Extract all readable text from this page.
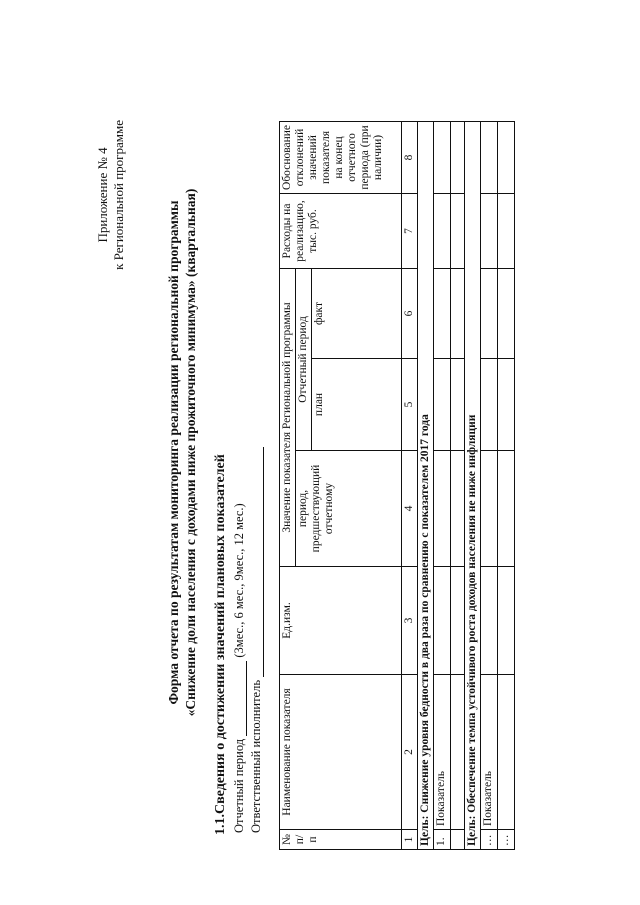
Приложение № 4 к Региональной программе
Форма отчета по результатам мониторинга реализации региональной программы «Снижение доли населения с доходами ниже прожиточного минимума» (квартальная) 1.1.Сведения о достижении значений плановых показателей Отчетный период  (3мес., 6 мес., 9мес., 12 мес.)
Ответственный исполнитель
№ п/п	Наименование показателя	Ед.изм.	Значение показателя Региональной программы			Расходы на реализацию, тыс. руб.	Обоснование отклонений значений показателя на конец отчетного периода (при наличии)
			период, предшествующий отчетному	Отчетный период			
				план	факт		
1	2	3	4	5	6	7	8
Цель: Снижение уровня бедности в два раза по сравнению с показателем 2017 года							
1.	Показатель						

Цель: Обеспечение темпа устойчивого роста доходов населения не ниже инфляции							
…	Показатель						
…							
